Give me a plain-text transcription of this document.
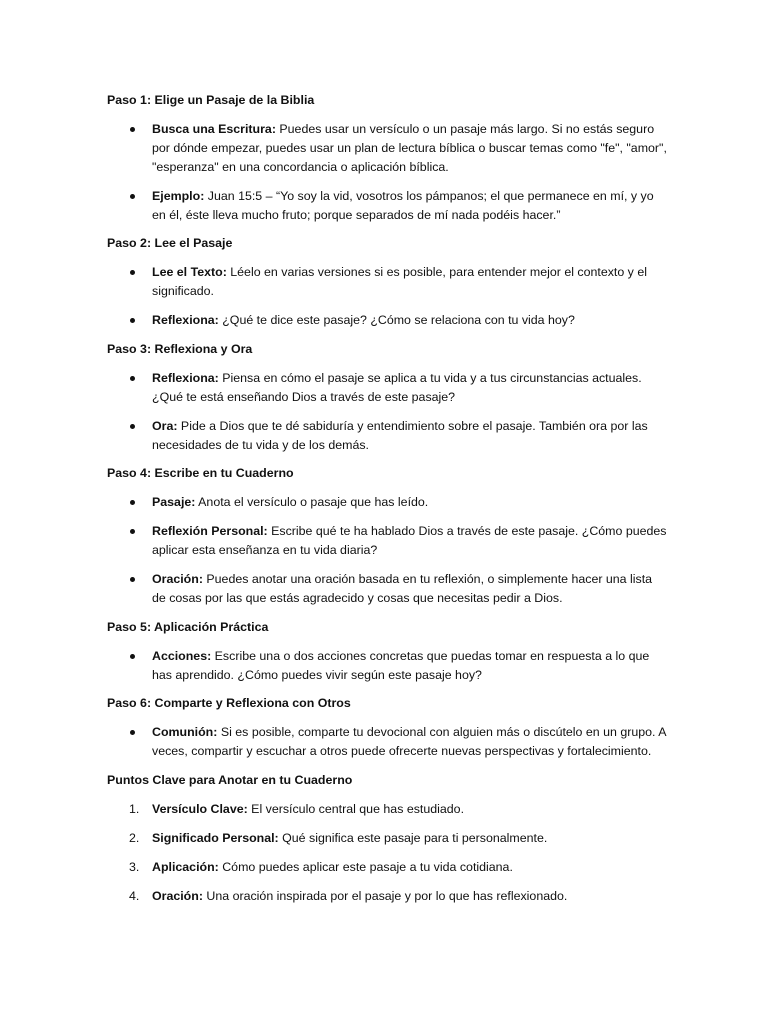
Paso 1: Elige un Pasaje de la Biblia

Busca una Escritura: Puedes usar un versículo o un pasaje más largo. Si no estás seguro por dónde empezar, puedes usar un plan de lectura bíblica o buscar temas como "fe", "amor", "esperanza" en una concordancia o aplicación bíblica.
Ejemplo: Juan 15:5 – “Yo soy la vid, vosotros los pámpanos; el que permanece en mí, y yo en él, éste lleva mucho fruto; porque separados de mí nada podéis hacer.”

Paso 2: Lee el Pasaje

Lee el Texto: Léelo en varias versiones si es posible, para entender mejor el contexto y el significado.
Reflexiona: ¿Qué te dice este pasaje? ¿Cómo se relaciona con tu vida hoy?

Paso 3: Reflexiona y Ora

Reflexiona: Piensa en cómo el pasaje se aplica a tu vida y a tus circunstancias actuales. ¿Qué te está enseñando Dios a través de este pasaje?
Ora: Pide a Dios que te dé sabiduría y entendimiento sobre el pasaje. También ora por las necesidades de tu vida y de los demás.

Paso 4: Escribe en tu Cuaderno

Pasaje: Anota el versículo o pasaje que has leído.
Reflexión Personal: Escribe qué te ha hablado Dios a través de este pasaje. ¿Cómo puedes aplicar esta enseñanza en tu vida diaria?
Oración: Puedes anotar una oración basada en tu reflexión, o simplemente hacer una lista de cosas por las que estás agradecido y cosas que necesitas pedir a Dios.

Paso 5: Aplicación Práctica

Acciones: Escribe una o dos acciones concretas que puedas tomar en respuesta a lo que has aprendido. ¿Cómo puedes vivir según este pasaje hoy?

Paso 6: Comparte y Reflexiona con Otros

Comunión: Si es posible, comparte tu devocional con alguien más o discútelo en un grupo. A veces, compartir y escuchar a otros puede ofrecerte nuevas perspectivas y fortalecimiento.

Puntos Clave para Anotar en tu Cuaderno

1. Versículo Clave: El versículo central que has estudiado.
2. Significado Personal: Qué significa este pasaje para ti personalmente.
3. Aplicación: Cómo puedes aplicar este pasaje a tu vida cotidiana.
4. Oración: Una oración inspirada por el pasaje y por lo que has reflexionado.
